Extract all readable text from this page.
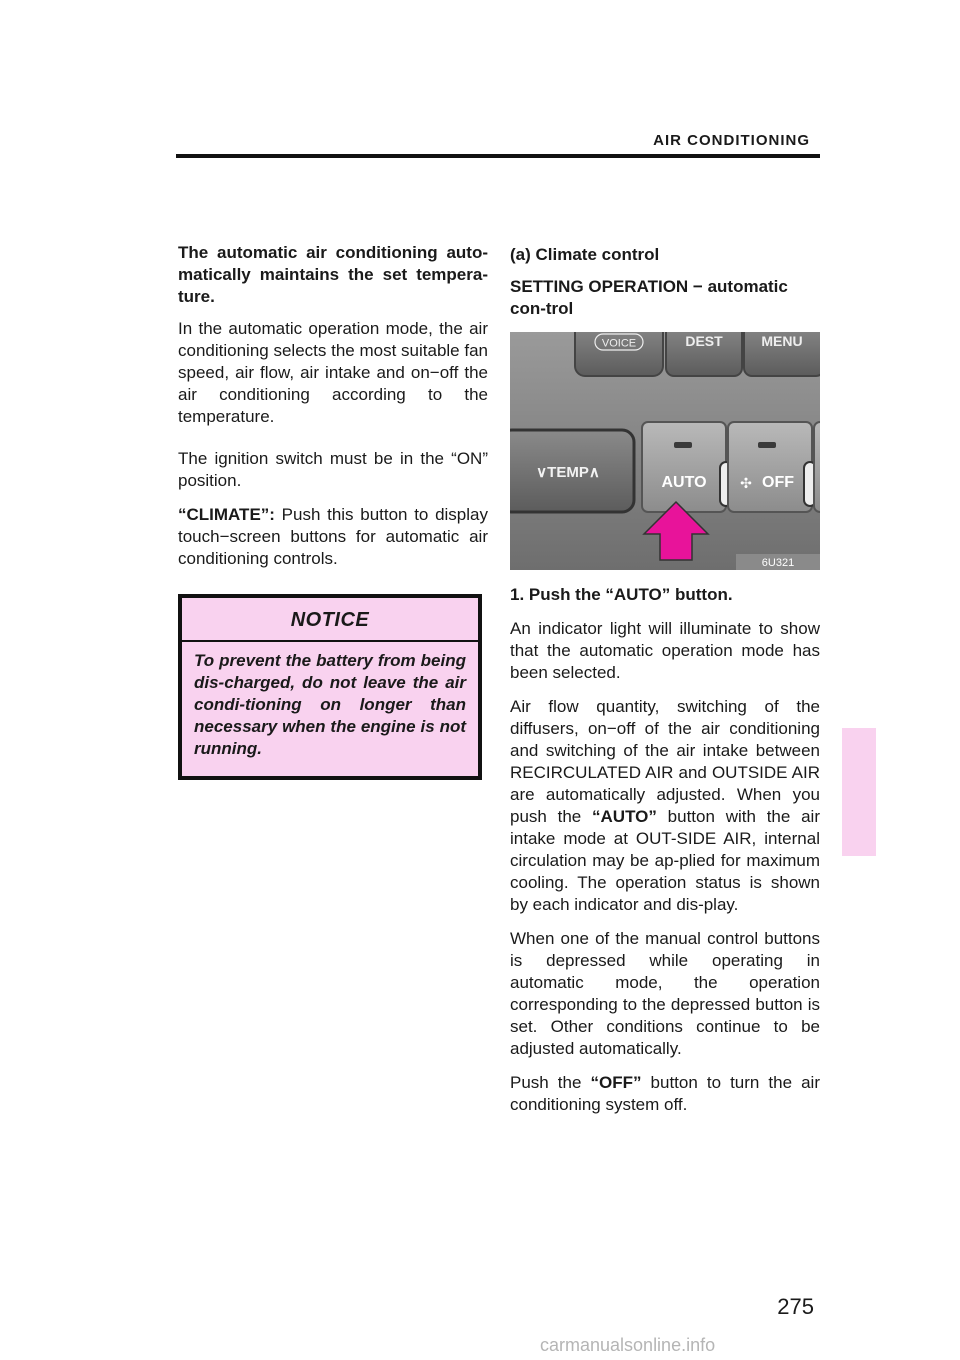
AIR CONDITIONING

The automatic air conditioning auto-matically maintains the set tempera-ture.

In the automatic operation mode, the air conditioning selects the most suitable fan speed, air flow, air intake and on−off the air conditioning according to the temperature.

The ignition switch must be in the “ON” position.

“CLIMATE”: Push this button to display touch−screen buttons for automatic air conditioning controls.

NOTICE
To prevent the battery from being dis-charged, do not leave the air condi-tioning on longer than necessary when the engine is not running.
(a) Climate control
SETTING OPERATION − automatic con-trol
VOICE	DEST	MENU
∨TEMP∧
AUTO ✣ OFF
6U321

1. Push the “AUTO” button.

An indicator light will illuminate to show that the automatic operation mode has been selected.

Air flow quantity, switching of the diffusers, on−off of the air conditioning and switching of the air intake between RECIRCULATED AIR and OUTSIDE AIR are automatically adjusted. When you push the “AUTO” button with the air intake mode at OUT-SIDE AIR, internal circulation may be ap-plied for maximum cooling. The operation status is shown by each indicator and dis-play.

When one of the manual control buttons is depressed while operating in automatic mode, the operation corresponding to the depressed button is set. Other conditions continue to be adjusted automatically.

Push the “OFF” button to turn the air conditioning system off.

275
carmanualsonline.info
